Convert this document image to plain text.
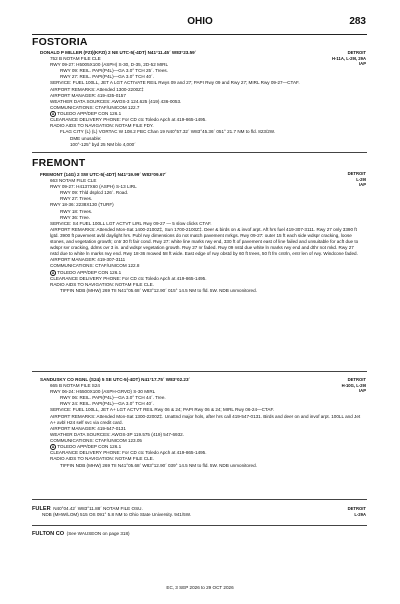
OHIO	283
FOSTORIA
DETROIT
H-11A, L-29I, 29A
IAP
DONALD P MILLER (FZI)(KFZI) 2 NE UTC-5(-4DT) N41°11.45´ W83°23.59´
752 B NOTAM FILE CLE
RWY 09-27: H5005X100 (ASPH) S-30, D-35, 2D-52 MIRL
RWY 09: REIL. PAPI(P4L)—GA 3.0° TCH 25´. Trees.
RWY 27: REIL. PAPI(P4L)—GA 3.0° TCH 40´.
SERVICE: FUEL 100LL, JET A LGT ACTIVATE REIL Rwys 09 and 27; PAPI Rwy 09 and Rwy 27; MIRL Rwy 09-27—CTAF.
AIRPORT REMARKS: Attended 1300-2200Z‡
AIRPORT MANAGER: 419-435-0157
WEATHER DATA SOURCES: AWOS-3 124.625 (419) 436-0053.
COMMUNICATIONS: CTAF/UNICOM 122.7
A TOLEDO APP/DEP CON 126.1
CLEARANCE DELIVERY PHONE: For CD ctc Toledo Apch at 419-865-1495.
RADIO AIDS TO NAVIGATION: NOTAM FILE FDY.
FLAG CITY (L) (L) VORTAC W 108.2 FBC Chan 19 N40°57.32´ W83°45.36´ 051° 21.7 NM to fld. 823/2W.
DME unusable:
100°-125° byd 25 NM blo 4,000´
FREMONT
DETROIT
L-29I
IAP
FREMONT (14G) 2 SW UTC-5(-4DT) N41°19.99´ W83°09.67´
663 NOTAM FILE CLE
RWY 09-27: H4137X60 (ASPH) S-13 LIRL
RWY 09: Thld dsplcd 126´. Road.
RWY 27: Trees.
RWY 18-36: 2238X130 (TURF)
RWY 18: Trees.
RWY 36: Tree.
SERVICE: S4 FUEL 100LL LGT ACTVT LIRL Rwy 09-27 — 5 slow clicks CTAF.
AIRPORT REMARKS: Attended Mon-Sat 1400-2100Z‡, Sun 1700-2100Z‡. Deer & birds on & invof arpt. Aft hrs fuel 419-307-3111. Rwy 27 only 3390 ft lgtd. 3900 ft pavement avbl daylight hrs. Publ rwy dimensions do not match pavement mrkgs. Rwy 09-27: outer 15 ft each side wdspr cracking, loose stones, and vegetation growth; cntr 30 ft fair cond. Rwy 27: white line marks rwy end, 330 ft of pavement east of line failed and unsuitable for acft due to wdspr svr cracking, ddms ovr 3 in. and wdspr vegetation growth. Rwy 27 nr faded. Rwy 09 nstd due white ln marks rwy end and dthr not mkd. Rwy 27 nstd due to white ln marks rwy end. Rwy 18-36 mowed 58 ft wide. East edge of rwy obstd by 60 ft trees, 50 ft fm cntrln, entr len of rwy. Windcone faded.
AIRPORT MANAGER: 419-307-3111
COMMUNICATIONS: CTAF/UNICOM 122.8
A TOLEDO APP/DEP CON 126.1
CLEARANCE DELIVERY PHONE: For CD ctc Toledo Apch at 419-865-1495.
RADIO AIDS TO NAVIGATION: NOTAM FILE CLE.
TIFFIN NDB (MHW) 269 TII N41°05.68´ W83°12.90´ 015° 14.5 NM to fld. 5W. NDB unmonitored.
DETROIT
H-10G, L-29I
IAP
SANDUSKY CO RGNL (S24) 5 SE UTC-5(-4DT) N41°17.75´ W83°02.23´
665 B NOTAM FILE S24
RWY 06-24: H5500X100 (ASPH-GRVD) S-30 MIRL
RWY 06: REIL. PAPI(P4L)—GA 3.0° TCH 44´. Tree.
RWY 24: REIL. PAPI(P4L)—GA 3.0° TCH 40´.
SERVICE: FUEL 100LL, JET A+ LGT ACTVT REIL Rwy 06 & 24; PAPI Rwy 06 & 24; MIRL Rwy 06-24—CTAF.
AIRPORT REMARKS: Attended Mon-Sat 1300-2200Z‡. Unattnd major hols, after hrs call 419-547-0131. Birds and deer on and invof arpt. 100LL and Jet A+ avbl H24 self svc via credit card.
AIRPORT MANAGER: 419-547-0131
WEATHER DATA SOURCES: AWOS-3P 119.575 (419) 547-6932.
COMMUNICATIONS: CTAF/UNICOM 123.05
A TOLEDO APP/DEP CON 126.1
CLEARANCE DELIVERY PHONE: For CD ctc Toledo Apch at 419-865-1495.
RADIO AIDS TO NAVIGATION: NOTAM FILE CLE.
TIFFIN NDB (MHW) 269 TII N41°05.68´ W83°12.90´ 039° 14.5 NM to fld. 5W. NDB unmonitored.
DETROIT
L-29A
FULER N40°04.42´ W83°11.88´ NOTAM FILE OSU.
NDB (MHW/LOM) 515 OS 091° 5.8 NM to Ohio State University. 941/5W.
FULTON CO (See WAUSEON on page 318)
EC, 3 SEP 2026 to 29 OCT 2026
